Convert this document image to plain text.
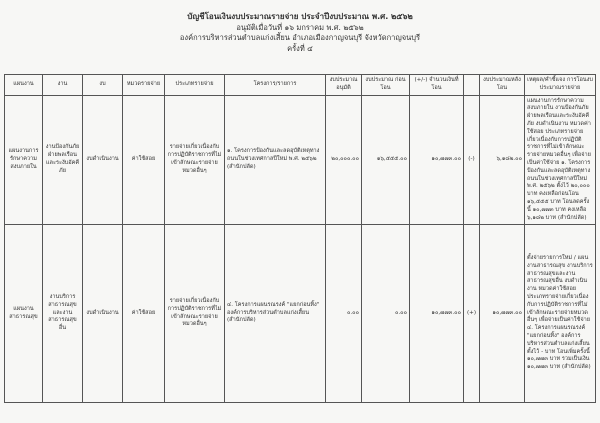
บัญชีโอนเงินงบประมาณรายจ่าย ประจำปีงบประมาณ พ.ศ. ๒๕๖๒
อนุมัติเมื่อวันที่ ๑๖ มกราคม พ.ศ. ๒๕๖๒
องค์การบริหารส่วนตำบลแก่งเสี้ยน อำเภอเมืองกาญจนบุรี จังหวัดกาญจนบุรี
ครั้งที่ ๔
แผนงาน	งาน	งบ	หมวดรายจ่าย	ประเภทรายจ่าย	โครงการ/รายการ	งบประมาณ อนุมัติ	งบประมาณ ก่อนโอน	(+/-) จำนวนเงินที่โอน		งบประมาณหลัง โอน	เหตุผล/คำชี้แจง การโอนงบประมาณรายจ่าย
แผนงานการรักษาความสงบภายใน	งานป้องกันภัยฝ่ายพลเรือนและระงับอัคคีภัย	งบดำเนินงาน	ค่าใช้สอย	รายจ่ายเกี่ยวเนื่องกับการปฏิบัติราชการที่ไม่เข้าลักษณะรายจ่ายหมวดอื่นๆ	๑. โครงการป้องกันและลดอุบัติเหตุทางถนนในช่วงเทศกาลปีใหม่ พ.ศ. ๒๕๖๒ (สำนักปลัด)	๒๐,๐๐๐.๐๐	๑๖,๕๕๕.๐๐	๑๐,๗๗๓.๐๐	(-)	๖,๑๘๒.๐๐	แผนงานการรักษาความสงบภายใน งานป้องกันภัยฝ่ายพลเรือนและระงับอัคคีภัย งบดำเนินงาน หมวดค่าใช้สอย ประเภทรายจ่ายเกี่ยวเนื่องกับการปฏิบัติราชการที่ไม่เข้าลักษณะรายจ่ายหมวดอื่นๆ เพื่อจ่ายเป็นค่าใช้จ่าย ๑. โครงการป้องกันและลดอุบัติเหตุทางถนนในช่วงเทศกาลปีใหม่ พ.ศ. ๒๕๖๒ ตั้งไว้ ๒๐,๐๐๐ บาท คงเหลือก่อนโอน ๑๖,๕๕๕ บาท โอนลดครั้งนี้ ๑๐,๗๗๓ บาท คงเหลือ ๖,๑๘๒ บาท (สำนักปลัด)
แผนงานสาธารณสุข	งานบริการสาธารณสุขและงานสาธารณสุขอื่น	งบดำเนินงาน	ค่าใช้สอย	รายจ่ายเกี่ยวเนื่องกับการปฏิบัติราชการที่ไม่เข้าลักษณะรายจ่ายหมวดอื่นๆ	๔. โครงการแผนรณรงค์ "แยกก่อนทิ้ง" องค์การบริหารส่วนตำบลแก่งเสี้ยน (สำนักปลัด)	๐.๐๐	๐.๐๐	๑๐,๗๗๓.๐๐	(+)	๑๐,๗๗๓.๐๐	ตั้งจ่ายรายการใหม่ / แผนงานสาธารณสุข งานบริการสาธารณสุขและงานสาธารณสุขอื่น งบดำเนินงาน หมวดค่าใช้สอย ประเภทรายจ่ายเกี่ยวเนื่องกับการปฏิบัติราชการที่ไม่เข้าลักษณะรายจ่ายหมวดอื่นๆ เพื่อจ่ายเป็นค่าใช้จ่าย ๔. โครงการแผนรณรงค์ "แยกก่อนทิ้ง" องค์การบริหารส่วนตำบลแก่งเสี้ยน ตั้งไว้ - บาท โอนเพิ่มครั้งนี้ ๑๐,๗๗๓ บาท รวมเป็นเงิน ๑๐,๗๗๓ บาท (สำนักปลัด)
